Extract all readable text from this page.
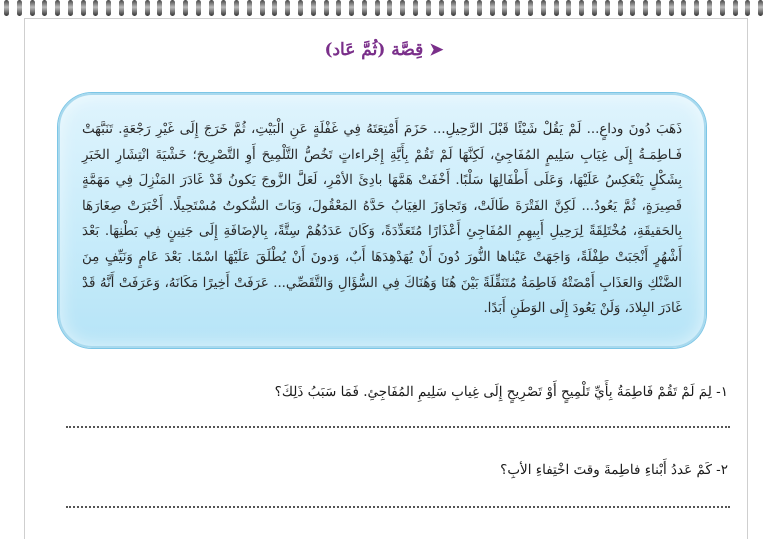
➤قِصَّة (ثُمَّ عَاد)

ذَهَبَ دُونَ وداعٍ... لَمْ يَقُلْ شَيْئًا قَبْلَ الرَّحِيلِ... حَزَمَ أَمْتِعَتَهُ فِي غَفْلَةٍ عَنِ الْبَيْتِ، ثُمَّ خَرَجَ إِلَى غَيْرِ رَجْعَةٍ. تَنَبَّهَتْ فَـاطِمَـةُ إِلَى غِيَابِ سَلِيمٍ المُفَاجِئِ، لَكِنَّهَا لَمْ تَقُمْ بِأَيَّةِ إِجْراءاتٍ تَخُصُّ التَّلْمِيحَ أَوِ التَّصْرِيحَ؛ خَشْيَةَ انْتِشَارِ الخَبَرِ بِشَكْلٍ يَنْعَكِسُ عَلَيْهَا، وَعَلَى أَطْفَالِهَا سَلْبًا. أَخْفَتْ هَمَّهَا بادِئَ الأمْرِ، لَعَلَّ الزَّوجَ يَكونُ قَدْ غَادَرَ المَنْزِلَ فِي مَهَمَّةٍ قَصِيرَةٍ، ثُمَّ يَعُودُ... لَكِنَّ الفَتْرَةَ طَالَتْ، وَتَجاوَزَ الغِيَابُ حَدَّهُ المَعْقُولَ، وَبَاتَ السُّكوتُ مُسْتَحِيلًا. أَخْبَرَتْ صِغَارَهَا بِالحَقيقَةِ، مُخْتَلِقَةً لِرَحِيلِ أَبِيهِمِ المُفَاجِئِ أَعْذَارًا مُتَعَدِّدَةً، وَكَانَ عَدَدُهُمْ سِتَّةً، بِالإضَافَةِ إِلَى جَنِينٍ فِي بَطْنِهَا. بَعْدَ أَشْهُرٍ أَنْجَبَتْ طِفْلَةً، وَاجَهَتْ عَيْناها النُّورَ دُونَ أَنْ يُهَدْهِدَهَا أَبٌ، وَدونَ أَنْ يُطْلَقَ عَلَيْهَا اسْمًا. بَعْدَ عَامٍ وَنَيِّفٍ مِنَ الضَّنْكِ وَالعَذَابِ أَمْضَتْهُ فَاطِمَةُ مُتَنَقِّلَةً بَيْنَ هُنَا وَهُنَاكَ فِي السُّؤَالِ وَالتَّقَصِّي... عَرَفَتْ أَخِيرًا مَكَانَهُ، وَعَرَفَتْ أَنَّهُ قَدْ غَادَرَ البِلادَ، وَلَنْ يَعُودَ إِلَى الوَطَنِ أَبَدًا.

١- لِمَ لَمْ تَقُمْ فَاطِمَةُ بِأَيِّ تَلْمِيحٍ أَوْ تَصْرِيحٍ إِلَى غِيابِ سَلِيمِ المُفَاجِئِ. فَمَا سَبَبُ ذَلِكَ؟
٢- كَمْ عَددُ أَبْناءِ فاطِمةَ وقتَ اخْتِفاءِ الأبِ؟
